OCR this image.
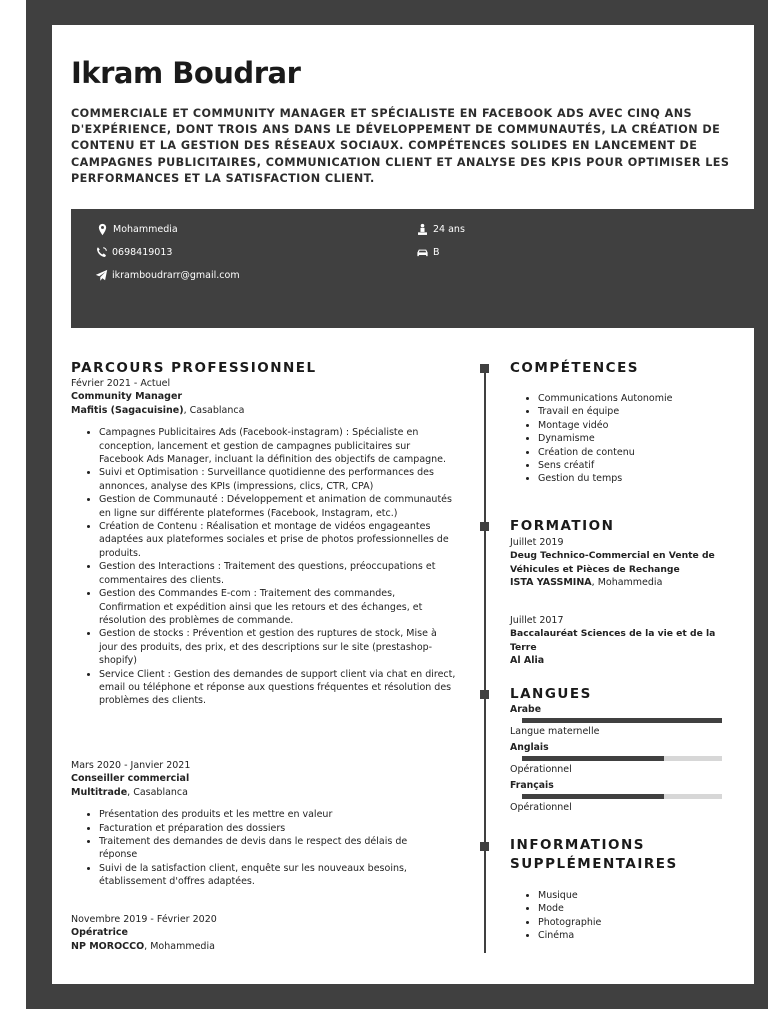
Ikram Boudrar
COMMERCIALE ET COMMUNITY MANAGER ET SPÉCIALISTE EN FACEBOOK ADS AVEC CINQ ANS D'EXPÉRIENCE, DONT TROIS ANS DANS LE DÉVELOPPEMENT DE COMMUNAUTÉS, LA CRÉATION DE CONTENU ET LA GESTION DES RÉSEAUX SOCIAUX. COMPÉTENCES SOLIDES EN LANCEMENT DE CAMPAGNES PUBLICITAIRES, COMMUNICATION CLIENT ET ANALYSE DES KPIS POUR OPTIMISER LES PERFORMANCES ET LA SATISFACTION CLIENT.
Mohammedia
0698419013
ikramboudrarr@gmail.com
24 ans
B
PARCOURS PROFESSIONNEL
Février 2021 - Actuel
Community Manager
Mafitis (Sagacuisine), Casablanca
• Campagnes Publicitaires Ads (Facebook-instagram) : Spécialiste en conception, lancement et gestion de campagnes publicitaires sur Facebook Ads Manager, incluant la définition des objectifs de campagne.
• Suivi et Optimisation : Surveillance quotidienne des performances des annonces, analyse des KPIs (impressions, clics, CTR, CPA)
• Gestion de Communauté : Développement et animation de communautés en ligne sur différente plateformes (Facebook, Instagram, etc.)
• Création de Contenu : Réalisation et montage de vidéos engageantes adaptées aux plateformes sociales et prise de photos professionnelles de produits.
• Gestion des Interactions : Traitement des questions, préoccupations et commentaires des clients.
• Gestion des Commandes E-com : Traitement des commandes, Confirmation et expédition ainsi que les retours et des échanges, et résolution des problèmes de commande.
• Gestion de stocks : Prévention et gestion des ruptures de stock, Mise à jour des produits, des prix, et des descriptions sur le site (prestashop-shopify)
• Service Client : Gestion des demandes de support client via chat en direct, email ou téléphone et réponse aux questions fréquentes et résolution des problèmes des clients.
Mars 2020 - Janvier 2021
Conseiller commercial
Multitrade, Casablanca
• Présentation des produits et les mettre en valeur
• Facturation et préparation des dossiers
• Traitement des demandes de devis dans le respect des délais de réponse
• Suivi de la satisfaction client, enquête sur les nouveaux besoins, établissement d'offres adaptées.
Novembre 2019 - Février 2020
Opératrice
NP MOROCCO, Mohammedia
COMPÉTENCES
• Communications Autonomie
• Travail en équipe
• Montage vidéo
• Dynamisme
• Création de contenu
• Sens créatif
• Gestion du temps
FORMATION
Juillet 2019
Deug Technico-Commercial en Vente de Véhicules et Pièces de Rechange
ISTA YASSMINA, Mohammedia
Juillet 2017
Baccalauréat Sciences de la vie et de la Terre
Al Alia
LANGUES
Arabe
Langue maternelle
Anglais
Opérationnel
Français
Opérationnel
INFORMATIONS
SUPPLÉMENTAIRES
• Musique
• Mode
• Photographie
• Cinéma
